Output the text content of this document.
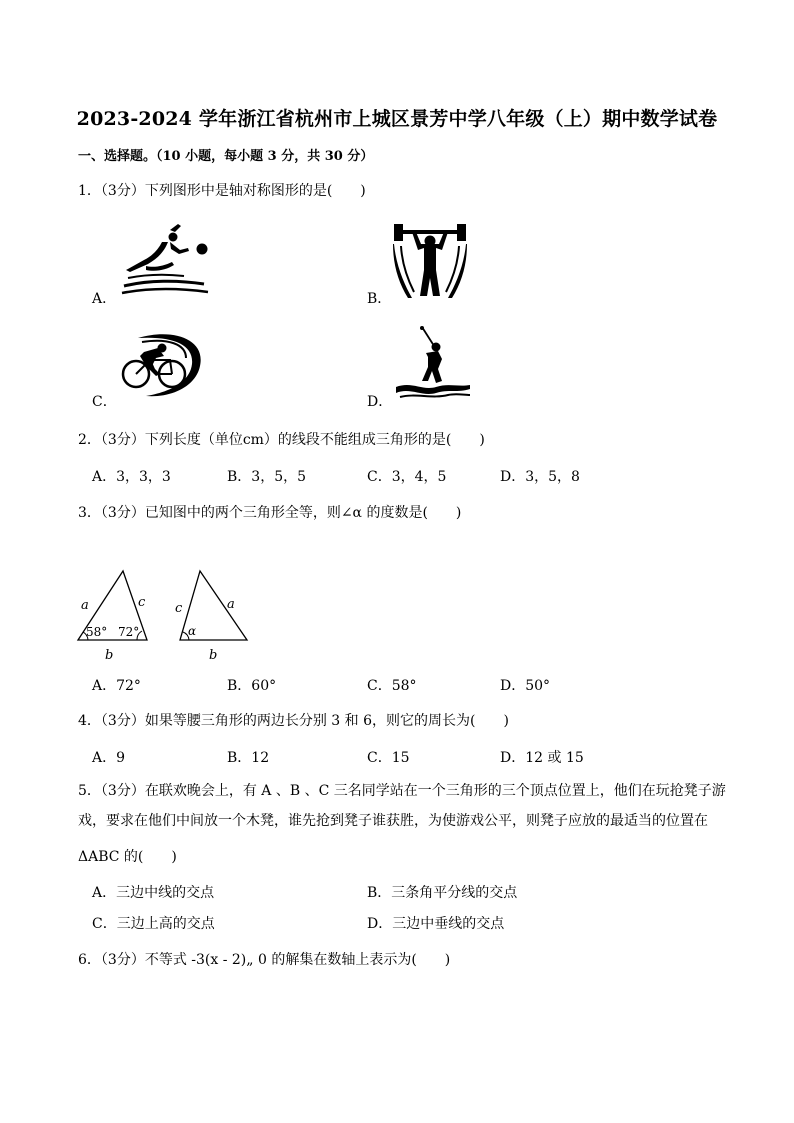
2023-2024 学年浙江省杭州市上城区景芳中学八年级（上）期中数学试卷
一、选择题。（10 小题，每小题 3 分，共 30 分）
1．（3分）下列图形中是轴对称图形的是(　　)
A．	B．
C．	D．
2．（3分）下列长度（单位cm）的线段不能组成三角形的是(　　)
A．3，3，3	B．3，5，5	C．3，4，5	D．3，5，8
3．（3分）已知图中的两个三角形全等，则∠α 的度数是(　　)
a	c
b
58° 72°
c	a
b
α
A．72°	B．60°	C．58°	D．50°
4．（3分）如果等腰三角形的两边长分别 3 和 6，则它的周长为(　　)
A．9	B．12	C．15	D．12 或 15
5．（3分）在联欢晚会上，有 A 、B 、C 三名同学站在一个三角形的三个顶点位置上，他们在玩抢凳子游
戏，要求在他们中间放一个木凳，谁先抢到凳子谁获胜，为使游戏公平，则凳子应放的最适当的位置在
ΔABC 的(　　)
A．三边中线的交点	B．三条角平分线的交点
C．三边上高的交点	D．三边中垂线的交点
6．（3分）不等式 -3(x - 2)„ 0 的解集在数轴上表示为(　　)
